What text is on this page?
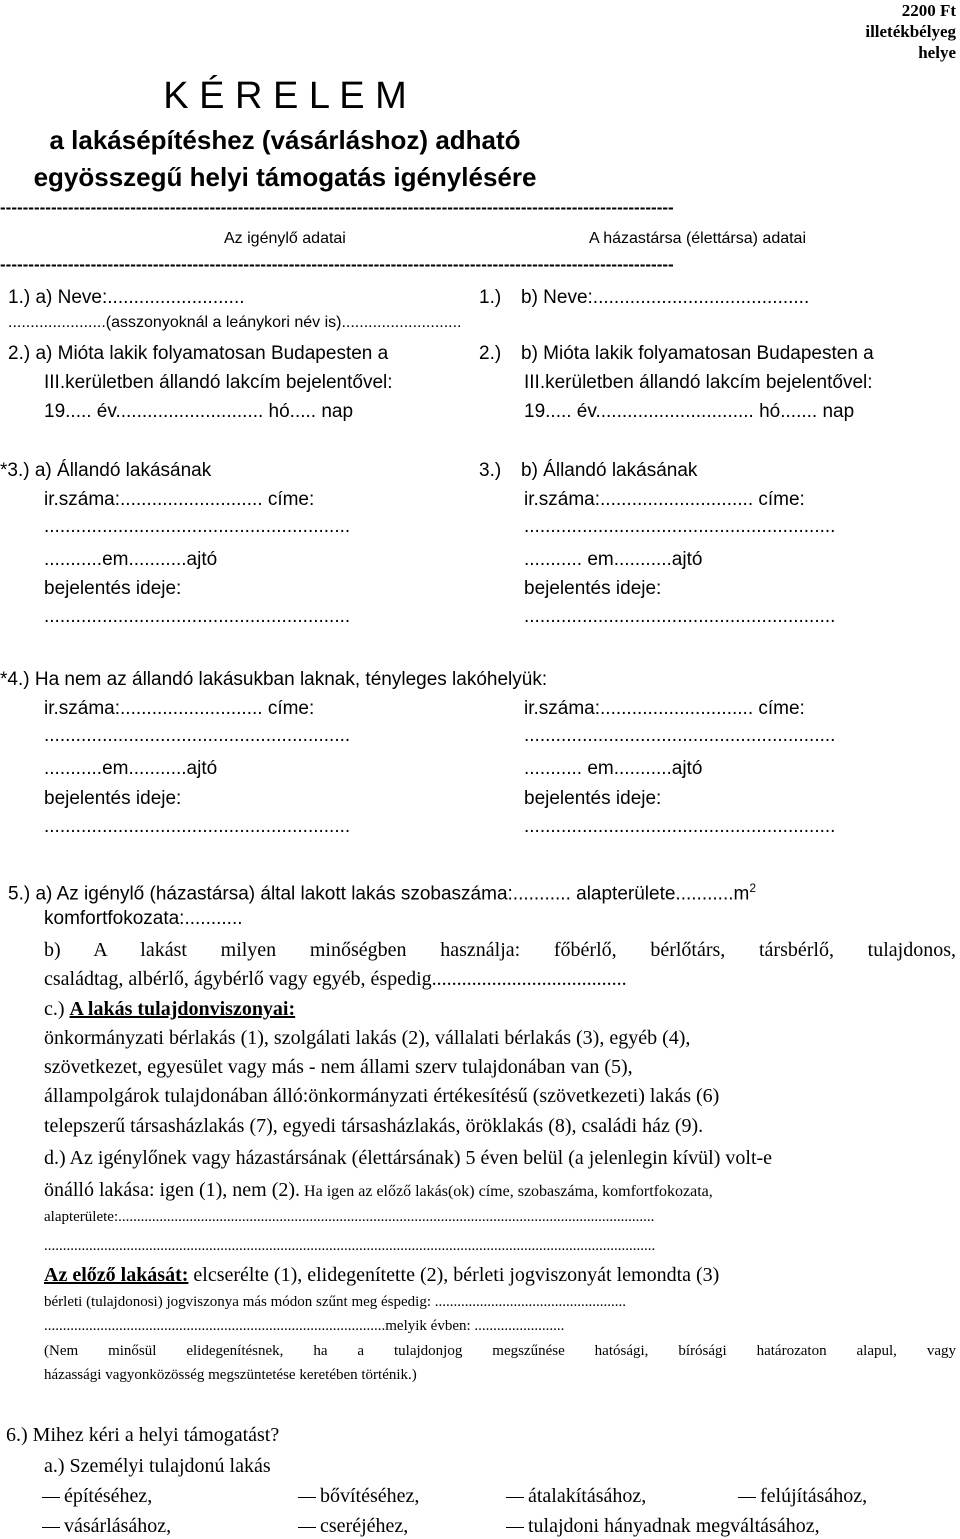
2200 Ft
illetékbélyeg
helye
K É R E L E M
a lakásépítéshez (vásárláshoz) adható
egyösszegű helyi támogatás igénylésére
-----------------------------------------------------------------------------------------------------------------------
Az igénylő adatai	A házastársa (élettársa) adatai
-----------------------------------------------------------------------------------------------------------------------
1.) a) Neve:..........................	1.) b) Neve:.........................................
......................(asszonyoknál a leánykori név is)...........................
2.) a) Mióta lakik folyamatosan Budapesten a	2.) b) Mióta lakik folyamatosan Budapesten a
III.kerületben állandó lakcím bejelentővel:	III.kerületben állandó lakcím bejelentővel:
19..... év............................ hó..... nap	19..... év.............................. hó....... nap
*3.) a) Állandó lakásának	3.) b) Állandó lakásának
ir.száma:........................... címe:	ir.száma:............................. címe:
..........................................................	...........................................................
...........em...........ajtó	........... em...........ajtó
bejelentés ideje:	bejelentés ideje:
..........................................................	...........................................................
*4.) Ha nem az állandó lakásukban laknak, tényleges lakóhelyük:
ir.száma:........................... címe:	ir.száma:............................. címe:
..........................................................	...........................................................
...........em...........ajtó	........... em...........ajtó
bejelentés ideje:	bejelentés ideje:
..........................................................	...........................................................
5.) a) Az igénylő (házastársa) által lakott lakás szobaszáma:........... $alapterülete...........m^2$
komfortfokozata:...........
b) A lakást milyen minőségben használja: főbérlő, bérlőtárs, társbérlő, tulajdonos,
családtag, albérlő, ágybérlő vagy egyéb, éspedig.......................................
c.) A lakás tulajdonviszonyai:
önkormányzati bérlakás (1), szolgálati lakás (2), vállalati bérlakás (3), egyéb (4),
szövetkezet, egyesület vagy más - nem állami szerv tulajdonában van (5),
állampolgárok tulajdonában álló:önkormányzati értékesítésű (szövetkezeti) lakás (6)
telepszerű társasházlakás (7), egyedi társasházlakás, öröklakás (8), családi ház (9).
d.) Az igénylőnek vagy házastársának (élettársának) 5 éven belül (a jelenlegin kívül) volt-e
önálló lakása: igen (1), nem (2). Ha igen az előző lakás(ok) címe, szobaszáma, komfortfokozata,
alapterülete:...............................................................................................................................................
...................................................................................................................................................................
Az előző lakását: elcserélte (1), elidegenítette (2), bérleti jogviszonyát lemondta (3)
bérleti (tulajdonosi) jogviszonya más módon szűnt meg éspedig: ...................................................
...........................................................................................melyik évben: ........................
(Nem minősül elidegenítésnek, ha a tulajdonjog megszűnése hatósági, bírósági határozaton alapul, vagy
házassági vagyonközösség megszüntetése keretében történik.)
6.) Mihez kéri a helyi támogatást?
a.) Személyi tulajdonú lakás
építéséhez,	bővítéséhez,	átalakításához,	felújításához,
vásárlásához,	cseréjéhez,	tulajdoni hányadnak megváltásához,
